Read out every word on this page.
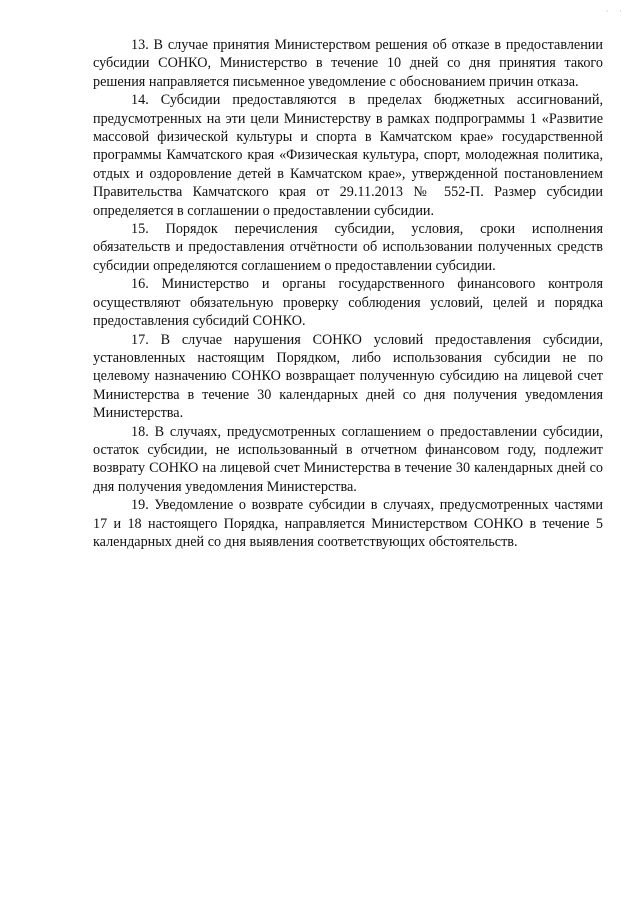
· ·

13. В случае принятия Министерством решения об отказе в предоставлении субсидии СОНКО, Министерство в течение 10 дней со дня принятия такого решения направляется письменное уведомление с обоснованием причин отказа.

14. Субсидии предоставляются в пределах бюджетных ассигнований, предусмотренных на эти цели Министерству в рамках подпрограммы 1 «Развитие массовой физической культуры и спорта в Камчатском крае» государственной программы Камчатского края «Физическая культура, спорт, молодежная политика, отдых и оздоровление детей в Камчатском крае», утвержденной постановлением Правительства Камчатского края от 29.11.2013 № 552-П. Размер субсидии определяется в соглашении о предоставлении субсидии.

15. Порядок перечисления субсидии, условия, сроки исполнения обязательств и предоставления отчётности об использовании полученных средств субсидии определяются соглашением о предоставлении субсидии.

16. Министерство и органы государственного финансового контроля осуществляют обязательную проверку соблюдения условий, целей и порядка предоставления субсидий СОНКО.

17. В случае нарушения СОНКО условий предоставления субсидии, установленных настоящим Порядком, либо использования субсидии не по целевому назначению СОНКО возвращает полученную субсидию на лицевой счет Министерства в течение 30 календарных дней со дня получения уведомления Министерства.

18. В случаях, предусмотренных соглашением о предоставлении субсидии, остаток субсидии, не использованный в отчетном финансовом году, подлежит возврату СОНКО на лицевой счет Министерства в течение 30 календарных дней со дня получения уведомления Министерства.

19. Уведомление о возврате субсидии в случаях, предусмотренных частями 17 и 18 настоящего Порядка, направляется Министерством СОНКО в течение 5 календарных дней со дня выявления соответствующих обстоятельств.
